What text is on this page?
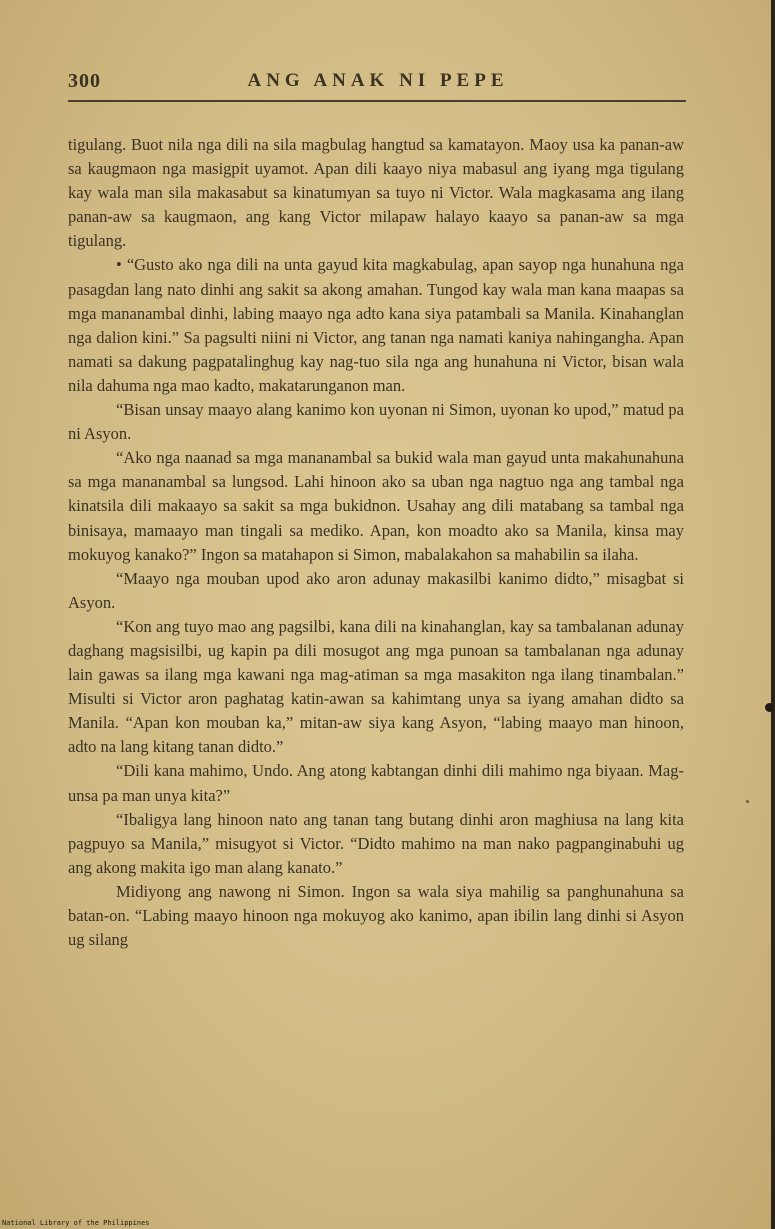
300	ANG ANAK NI PEPE

tigulang. Buot nila nga dili na sila magbulag hangtud sa kamatayon. Maoy usa ka panan-aw sa kaugmaon nga masigpit uyamot. Apan dili kaayo niya mabasul ang iyang mga tigulang kay wala man sila makasabut sa kinatumyan sa tuyo ni Victor. Wala magkasama ang ilang panan-aw sa kaugmaon, ang kang Victor milapaw halayo kaayo sa panan-aw sa mga tigulang.

• “Gusto ako nga dili na unta gayud kita magkabulag, apan sayop nga hunahuna nga pasagdan lang nato dinhi ang sakit sa akong amahan. Tungod kay wala man kana maapas sa mga mananambal dinhi, labing maayo nga adto kana siya patambali sa Manila. Kinahanglan nga dalion kini.” Sa pagsulti niini ni Victor, ang tanan nga namati kaniya nahingangha. Apan namati sa dakung pagpatalinghug kay nag-tuo sila nga ang hunahuna ni Victor, bisan wala nila dahuma nga mao kadto, makatarunganon man.

“Bisan unsay maayo alang kanimo kon uyonan ni Simon, uyonan ko upod,” matud pa ni Asyon.

“Ako nga naanad sa mga mananambal sa bukid wala man gayud unta makahunahuna sa mga mananambal sa lungsod. Lahi hinoon ako sa uban nga nagtuo nga ang tambal nga kinatsila dili makaayo sa sakit sa mga bukidnon. Usahay ang dili matabang sa tambal nga binisaya, mamaayo man tingali sa mediko. Apan, kon moadto ako sa Manila, kinsa may mokuyog kanako?” Ingon sa matahapon si Simon, mabalakahon sa mahabilin sa ilaha.

“Maayo nga mouban upod ako aron adunay makasilbi kanimo didto,” misagbat si Asyon.

“Kon ang tuyo mao ang pagsilbi, kana dili na kinahanglan, kay sa tambalanan adunay daghang magsisilbi, ug kapin pa dili mosugot ang mga punoan sa tambalanan nga adunay lain gawas sa ilang mga kawani nga mag-atiman sa mga masakiton nga ilang tinambalan.” Misulti si Victor aron paghatag katin-awan sa kahimtang unya sa iyang amahan didto sa Manila. “Apan kon mouban ka,” mitan-aw siya kang Asyon, “labing maayo man hinoon, adto na lang kitang tanan didto.”

“Dili kana mahimo, Undo. Ang atong kabtangan dinhi dili mahimo nga biyaan. Mag-unsa pa man unya kita?”

“Ibaligya lang hinoon nato ang tanan tang butang dinhi aron maghiusa na lang kita pagpuyo sa Manila,” misugyot si Victor. “Didto mahimo na man nako pagpanginabuhi ug ang akong makita igo man alang kanato.”

Midiyong ang nawong ni Simon. Ingon sa wala siya mahilig sa panghunahuna sa batan-on. “Labing maayo hinoon nga mokuyog ako kanimo, apan ibilin lang dinhi si Asyon ug silang

National Library of the Philippines
